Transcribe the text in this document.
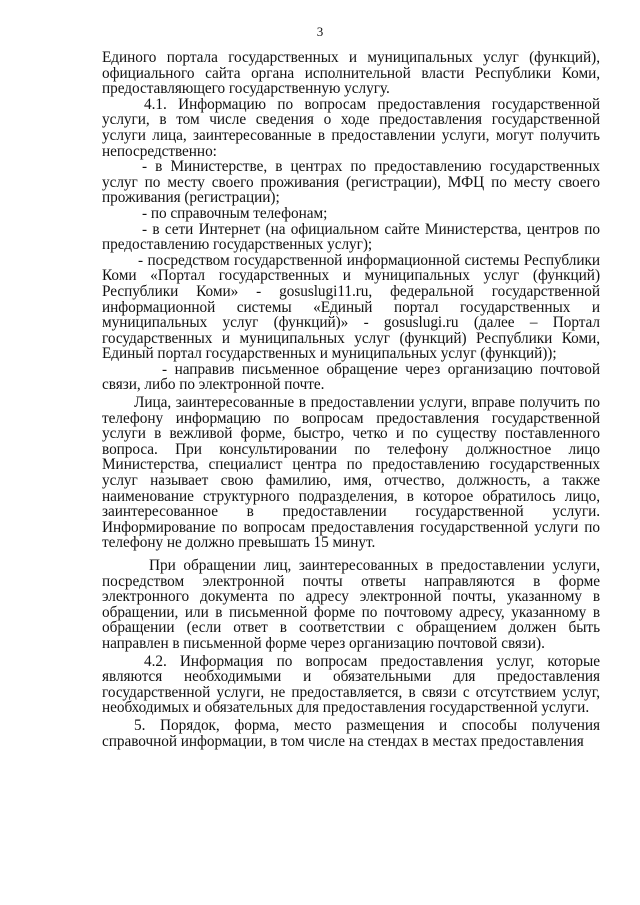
3

Единого портала государственных и муниципальных услуг (функций), официального сайта органа исполнительной власти Республики Коми, предоставляющего государственную услугу.

4.1. Информацию по вопросам предоставления государственной услуги, в том числе сведения о ходе предоставления государственной услуги лица, заинтересованные в предоставлении услуги, могут получить непосредственно:

- в Министерстве, в центрах по предоставлению государственных услуг по месту своего проживания (регистрации), МФЦ по месту своего проживания (регистрации);

- по справочным телефонам;

- в сети Интернет (на официальном сайте Министерства, центров по предоставлению государственных услуг);

- посредством государственной информационной системы Республики Коми «Портал государственных и муниципальных услуг (функций) Республики Коми» - gosuslugi11.ru, федеральной государственной информационной системы «Единый портал государственных и муниципальных услуг (функций)» - gosuslugi.ru (далее – Портал государственных и муниципальных услуг (функций) Республики Коми, Единый портал государственных и муниципальных услуг (функций));

- направив письменное обращение через организацию почтовой связи, либо по электронной почте.

Лица, заинтересованные в предоставлении услуги, вправе получить по телефону информацию по вопросам предоставления государственной услуги в вежливой форме, быстро, четко и по существу поставленного вопроса. При консультировании по телефону должностное лицо Министерства, специалист центра по предоставлению государственных услуг называет свою фамилию, имя, отчество, должность, а также наименование структурного подразделения, в которое обратилось лицо, заинтересованное в предоставлении государственной услуги. Информирование по вопросам предоставления государственной услуги по телефону не должно превышать 15 минут.

При обращении лиц, заинтересованных в предоставлении услуги, посредством электронной почты ответы направляются в форме электронного документа по адресу электронной почты, указанному в обращении, или в письменной форме по почтовому адресу, указанному в обращении (если ответ в соответствии с обращением должен быть направлен в письменной форме через организацию почтовой связи).

4.2. Информация по вопросам предоставления услуг, которые являются необходимыми и обязательными для предоставления государственной услуги, не предоставляется, в связи с отсутствием услуг, необходимых и обязательных для предоставления государственной услуги.

5. Порядок, форма, место размещения и способы получения справочной информации, в том числе на стендах в местах предоставления
